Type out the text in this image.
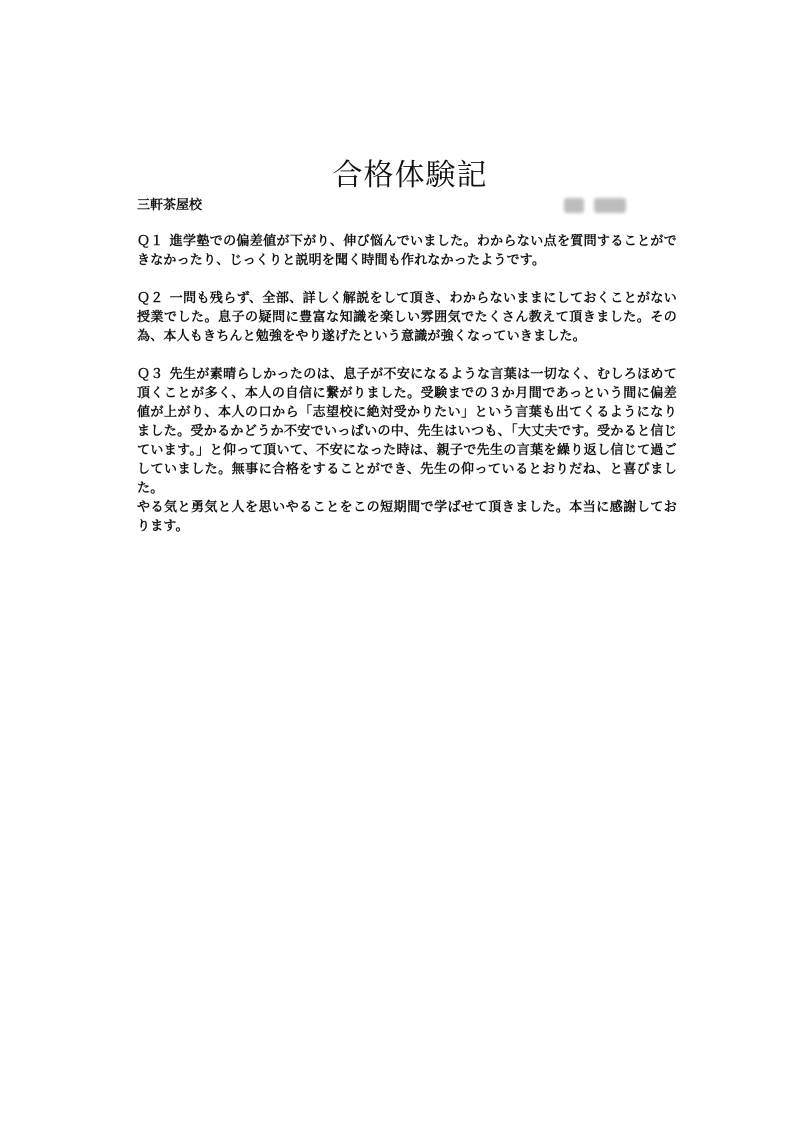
合格体験記

三軒茶屋校

Ｑ１ 進学塾での偏差値が下がり、伸び悩んでいました。わからない点を質問することができなかったり、じっくりと説明を聞く時間も作れなかったようです。

Ｑ２ 一問も残らず、全部、詳しく解説をして頂き、わからないままにしておくことがない授業でした。息子の疑問に豊富な知識を楽しい雰囲気でたくさん教えて頂きました。その為、本人もきちんと勉強をやり遂げたという意識が強くなっていきました。

Ｑ３ 先生が素晴らしかったのは、息子が不安になるような言葉は一切なく、むしろほめて頂くことが多く、本人の自信に繋がりました。受験までの３か月間であっという間に偏差値が上がり、本人の口から「志望校に絶対受かりたい」という言葉も出てくるようになりました。受かるかどうか不安でいっぱいの中、先生はいつも、「大丈夫です。受かると信じています。」と仰って頂いて、不安になった時は、親子で先生の言葉を繰り返し信じて過ごしていました。無事に合格をすることができ、先生の仰っているとおりだね、と喜びました。

やる気と勇気と人を思いやることをこの短期間で学ばせて頂きました。本当に感謝しております。
